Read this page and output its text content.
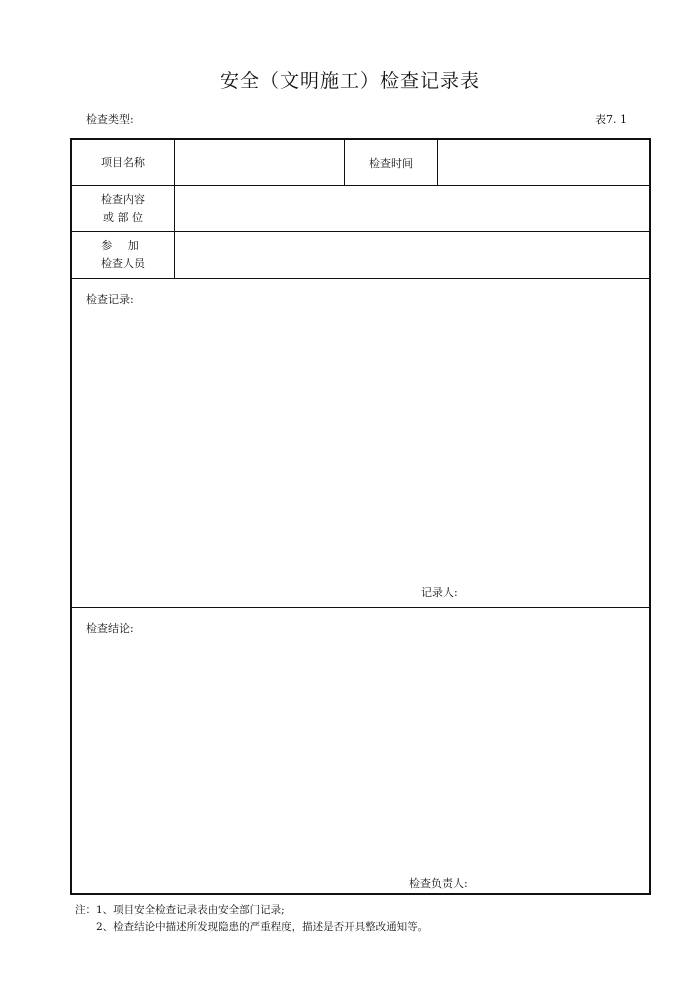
安全（文明施工）检查记录表
检查类型:	表7. 1
项目名称	检查时间
检查内容
或 部 位
参 加
检查人员
检查记录:
记录人:
检查结论:
检查负责人:
注：1、项目安全检查记录表由安全部门记录;
2、检查结论中描述所发现隐患的严重程度，描述是否开具整改通知等。
